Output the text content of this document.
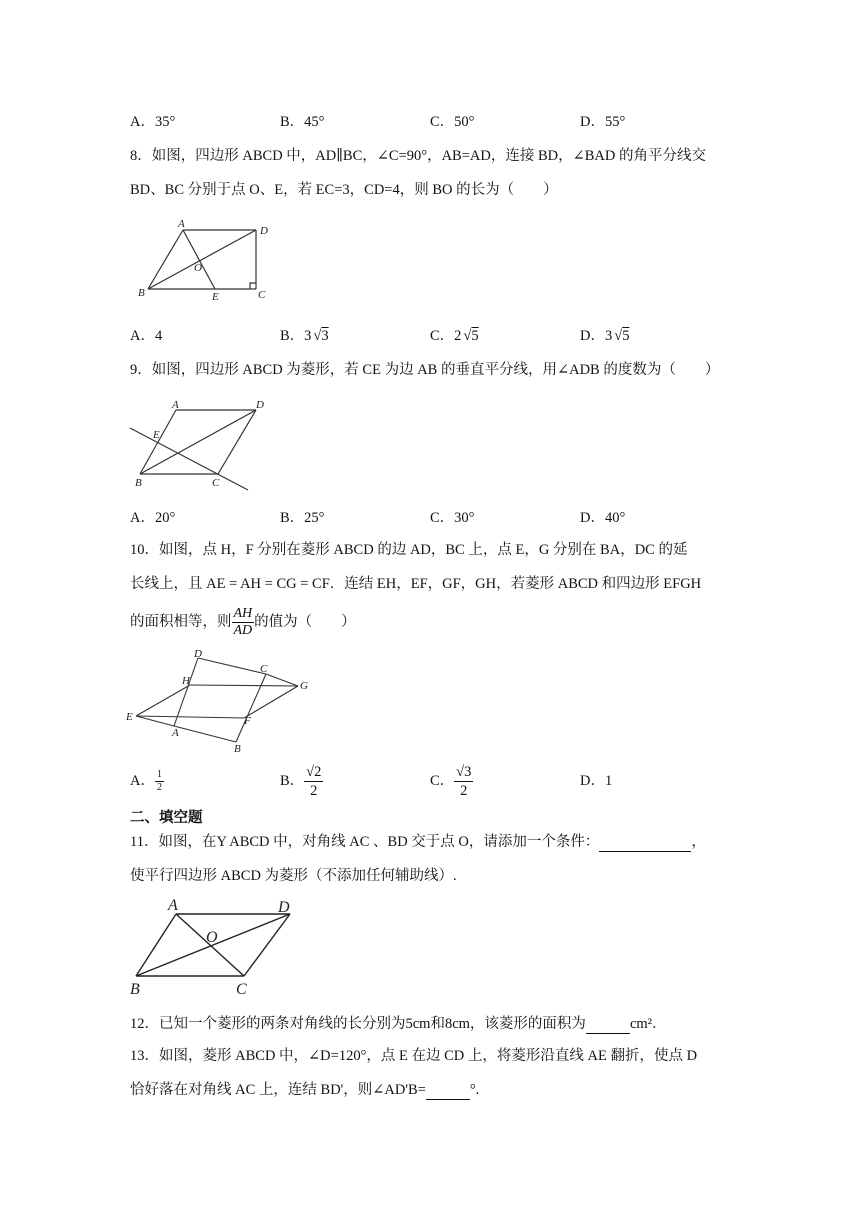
A．35°	B．45°	C．50°	D．55°
8．如图，四边形 ABCD 中，AD∥BC，∠C=90°，AB=AD，连接 BD，∠BAD 的角平分线交
BD、BC 分别于点 O、E，若 EC=3，CD=4，则 BO 的长为（　　）
A
D
B	C
E
O
A．4	B．3 √3	C．2 √5	D．3 √5
9．如图，四边形 ABCD 为菱形，若 CE 为边 AB 的垂直平分线，用∠ADB 的度数为（　　）
A	D
E
B	C
A．20°	B．25°	C．30°	D．40°
10．如图，点 H，F 分别在菱形 ABCD 的边 AD，BC 上，点 E，G 分别在 BA，DC 的延
长线上，且 AE = AH = CG = CF．连结 EH，EF，GF，GH，若菱形 ABCD 和四边形 EFGH
的面积相等，则 $\frac{AH}{AD}$ 的值为（　　）
D
C
H	G
E	F
A
B
A． $\frac{1}{2}$	B． $\frac{√2}{2}$	C． $\frac{√3}{2}$	D．1
二、填空题
11．如图，在Y ABCD 中，对角线 AC 、BD 交于点 O，请添加一个条件：	，
使平行四边形 ABCD 为菱形（不添加任何辅助线）.
A	D
O
B	C
12．已知一个菱形的两条对角线的长分别为5cm和8cm，该菱形的面积为	cm²．
13．如图，菱形 ABCD 中，∠D=120°，点 E 在边 CD 上，将菱形沿直线 AE 翻折，使点 D
恰好落在对角线 AC 上，连结 BD'，则∠AD'B=	°.
